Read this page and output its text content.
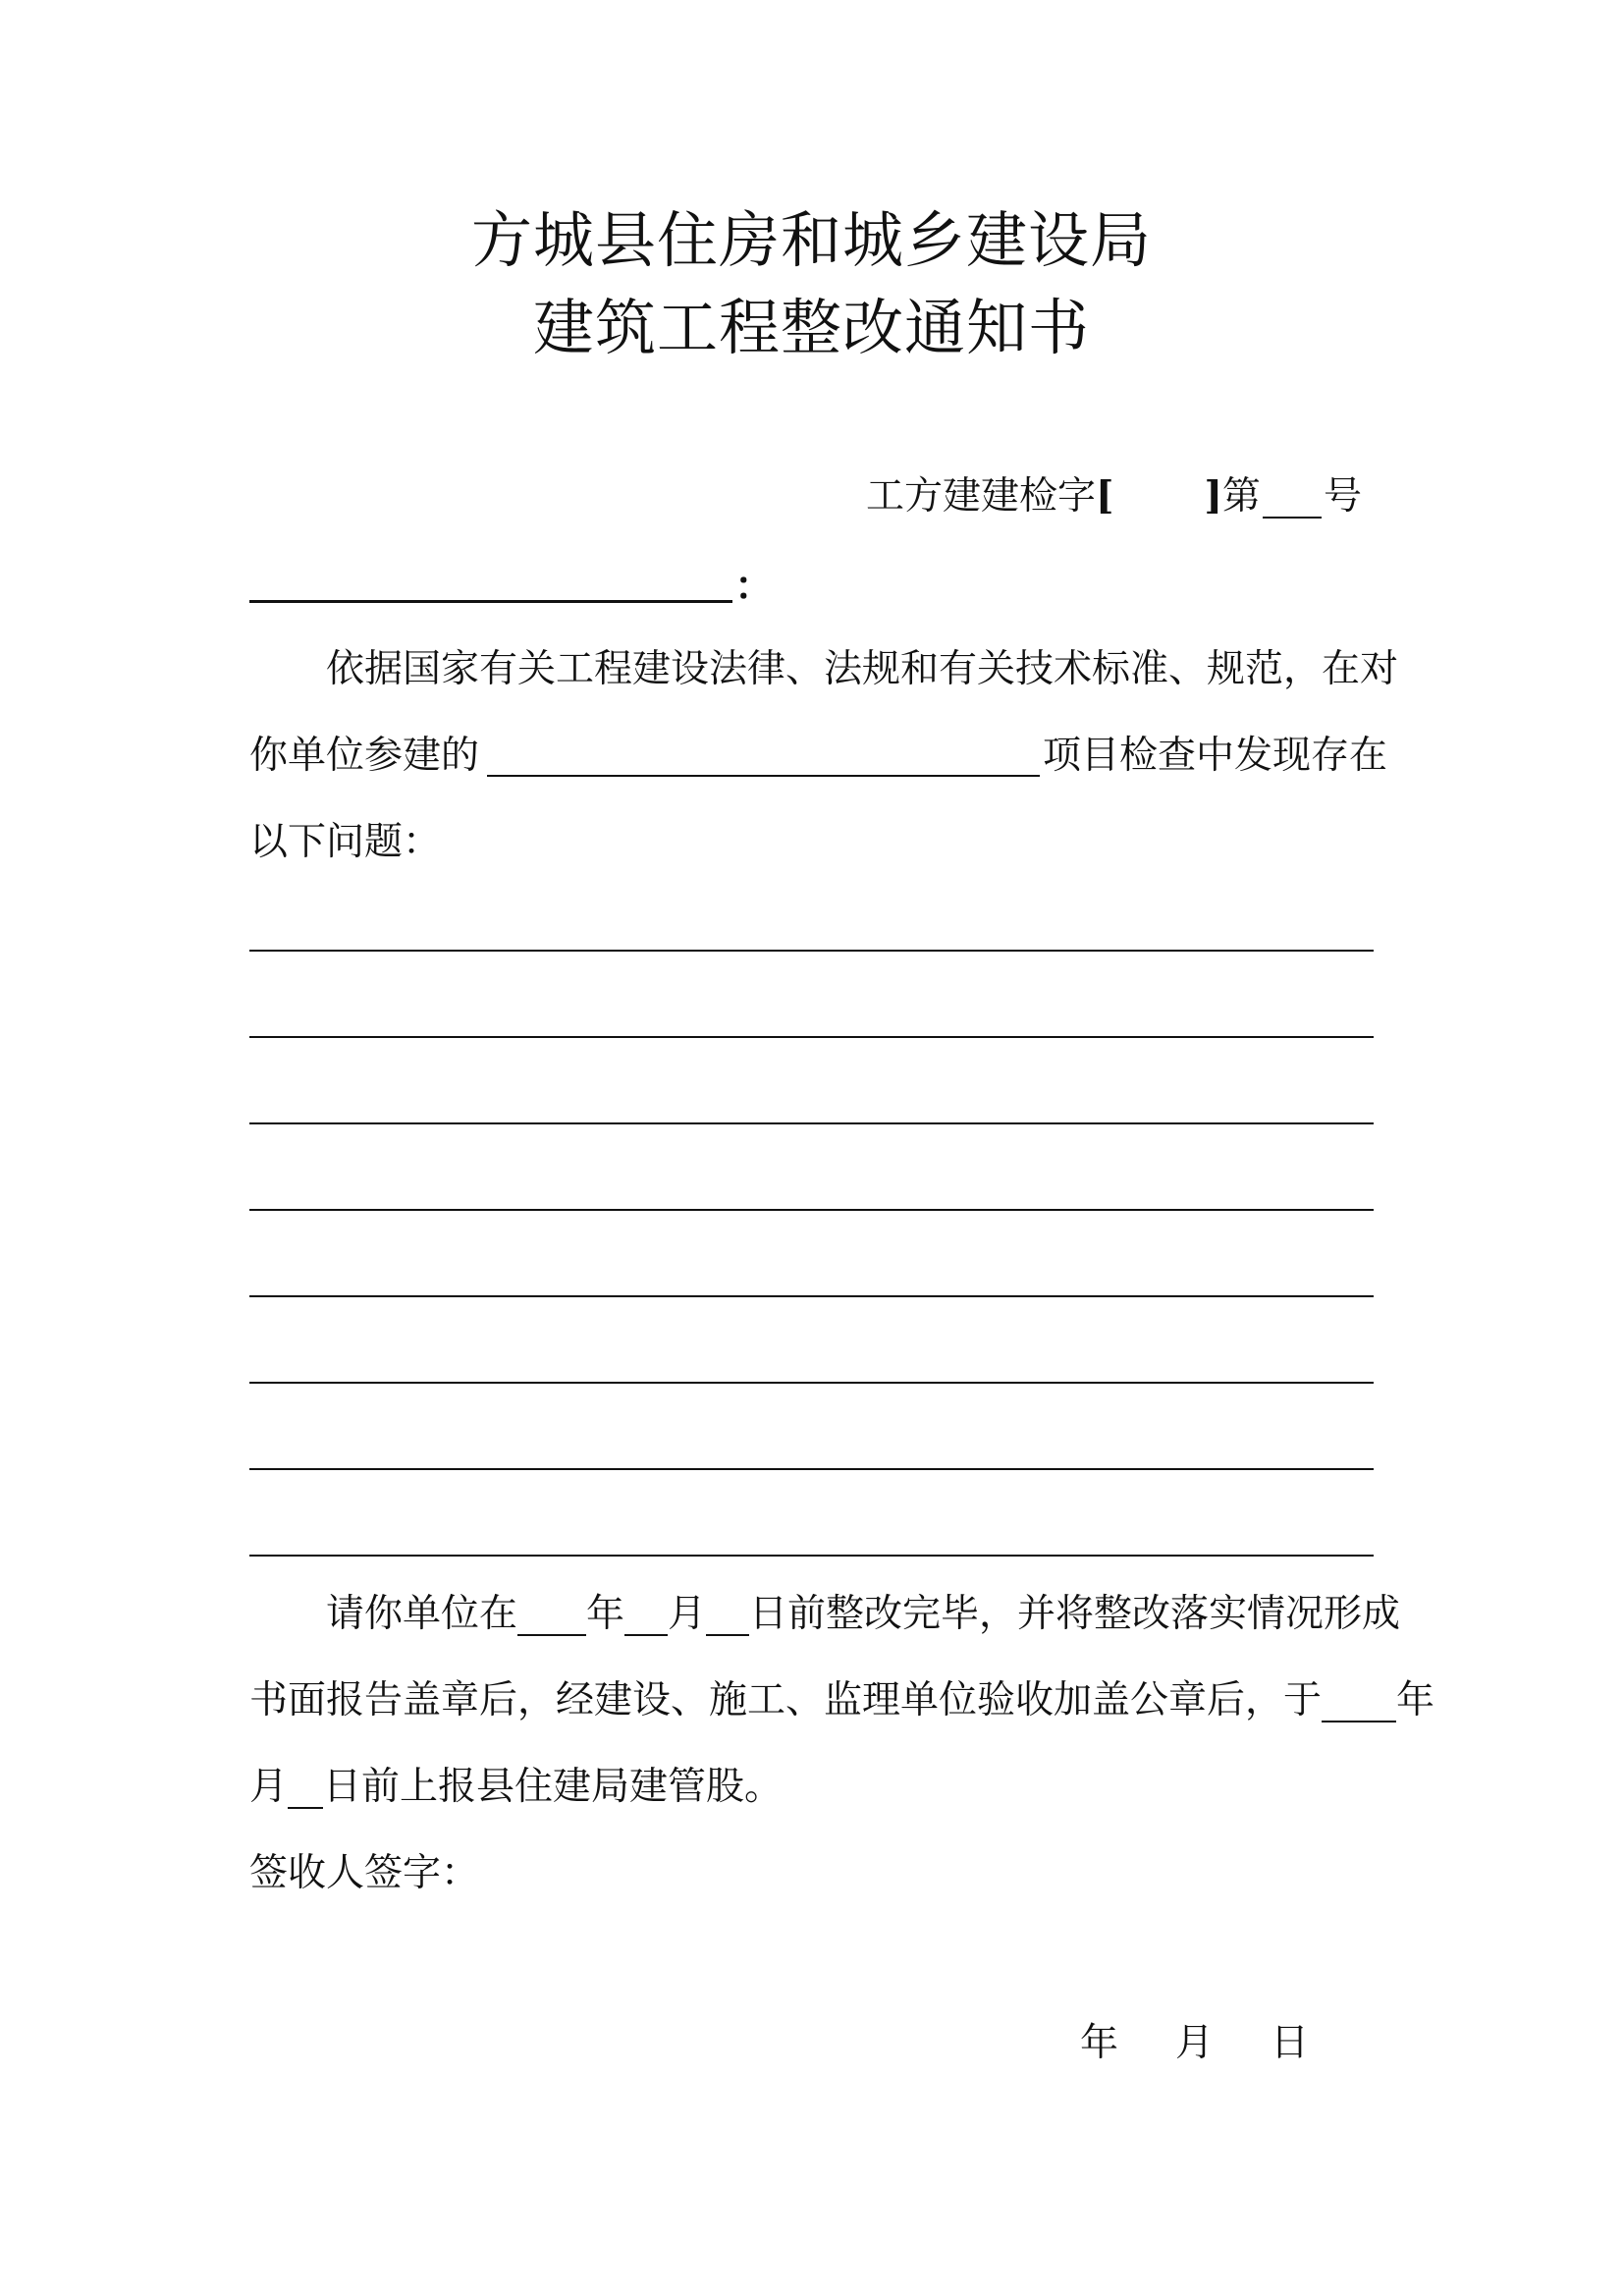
方城县住房和城乡建设局
建筑工程整改通知书
工方建建检字[ ]第 号
：
依据国家有关工程建设法律、法规和有关技术标准、规范，在对
你单位参建的	项目检查中发现存在
以下问题：
请你单位在 年 月 日前整改完毕，并将整改落实情况形成
书面报告盖章后，经建设、施工、监理单位验收加盖公章后，于 年
月 日前上报县住建局建管股。
签收人签字：
年 月 日
